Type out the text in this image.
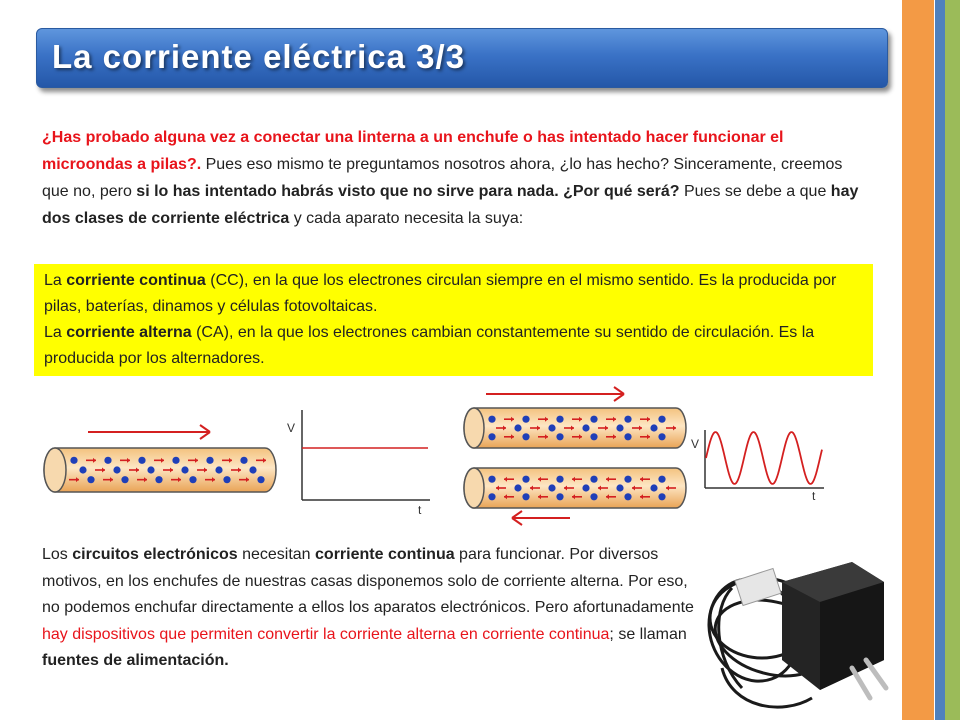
La corriente eléctrica 3/3
¿Has probado alguna vez a conectar una linterna a un enchufe o has intentado hacer funcionar el microondas a pilas?. Pues eso mismo te preguntamos nosotros ahora, ¿lo has hecho? Sinceramente, creemos que no, pero si lo has intentado habrás visto que no sirve para nada. ¿Por qué será? Pues se debe a que hay dos clases de corriente eléctrica y cada aparato necesita la suya:
La corriente continua (CC), en la que los electrones circulan siempre en el mismo sentido. Es la producida por pilas, baterías, dinamos y células fotovoltaicas.
La corriente alterna (CA), en la que los electrones cambian constantemente su sentido de circulación. Es la producida por los alternadores.
V
t
V
t
Los circuitos electrónicos necesitan corriente continua para funcionar. Por diversos motivos, en los enchufes de nuestras casas disponemos solo de corriente alterna. Por eso, no podemos enchufar directamente a ellos los aparatos electrónicos. Pero afortunadamente hay dispositivos que permiten convertir la corriente alterna en corriente continua; se llaman fuentes de alimentación.
